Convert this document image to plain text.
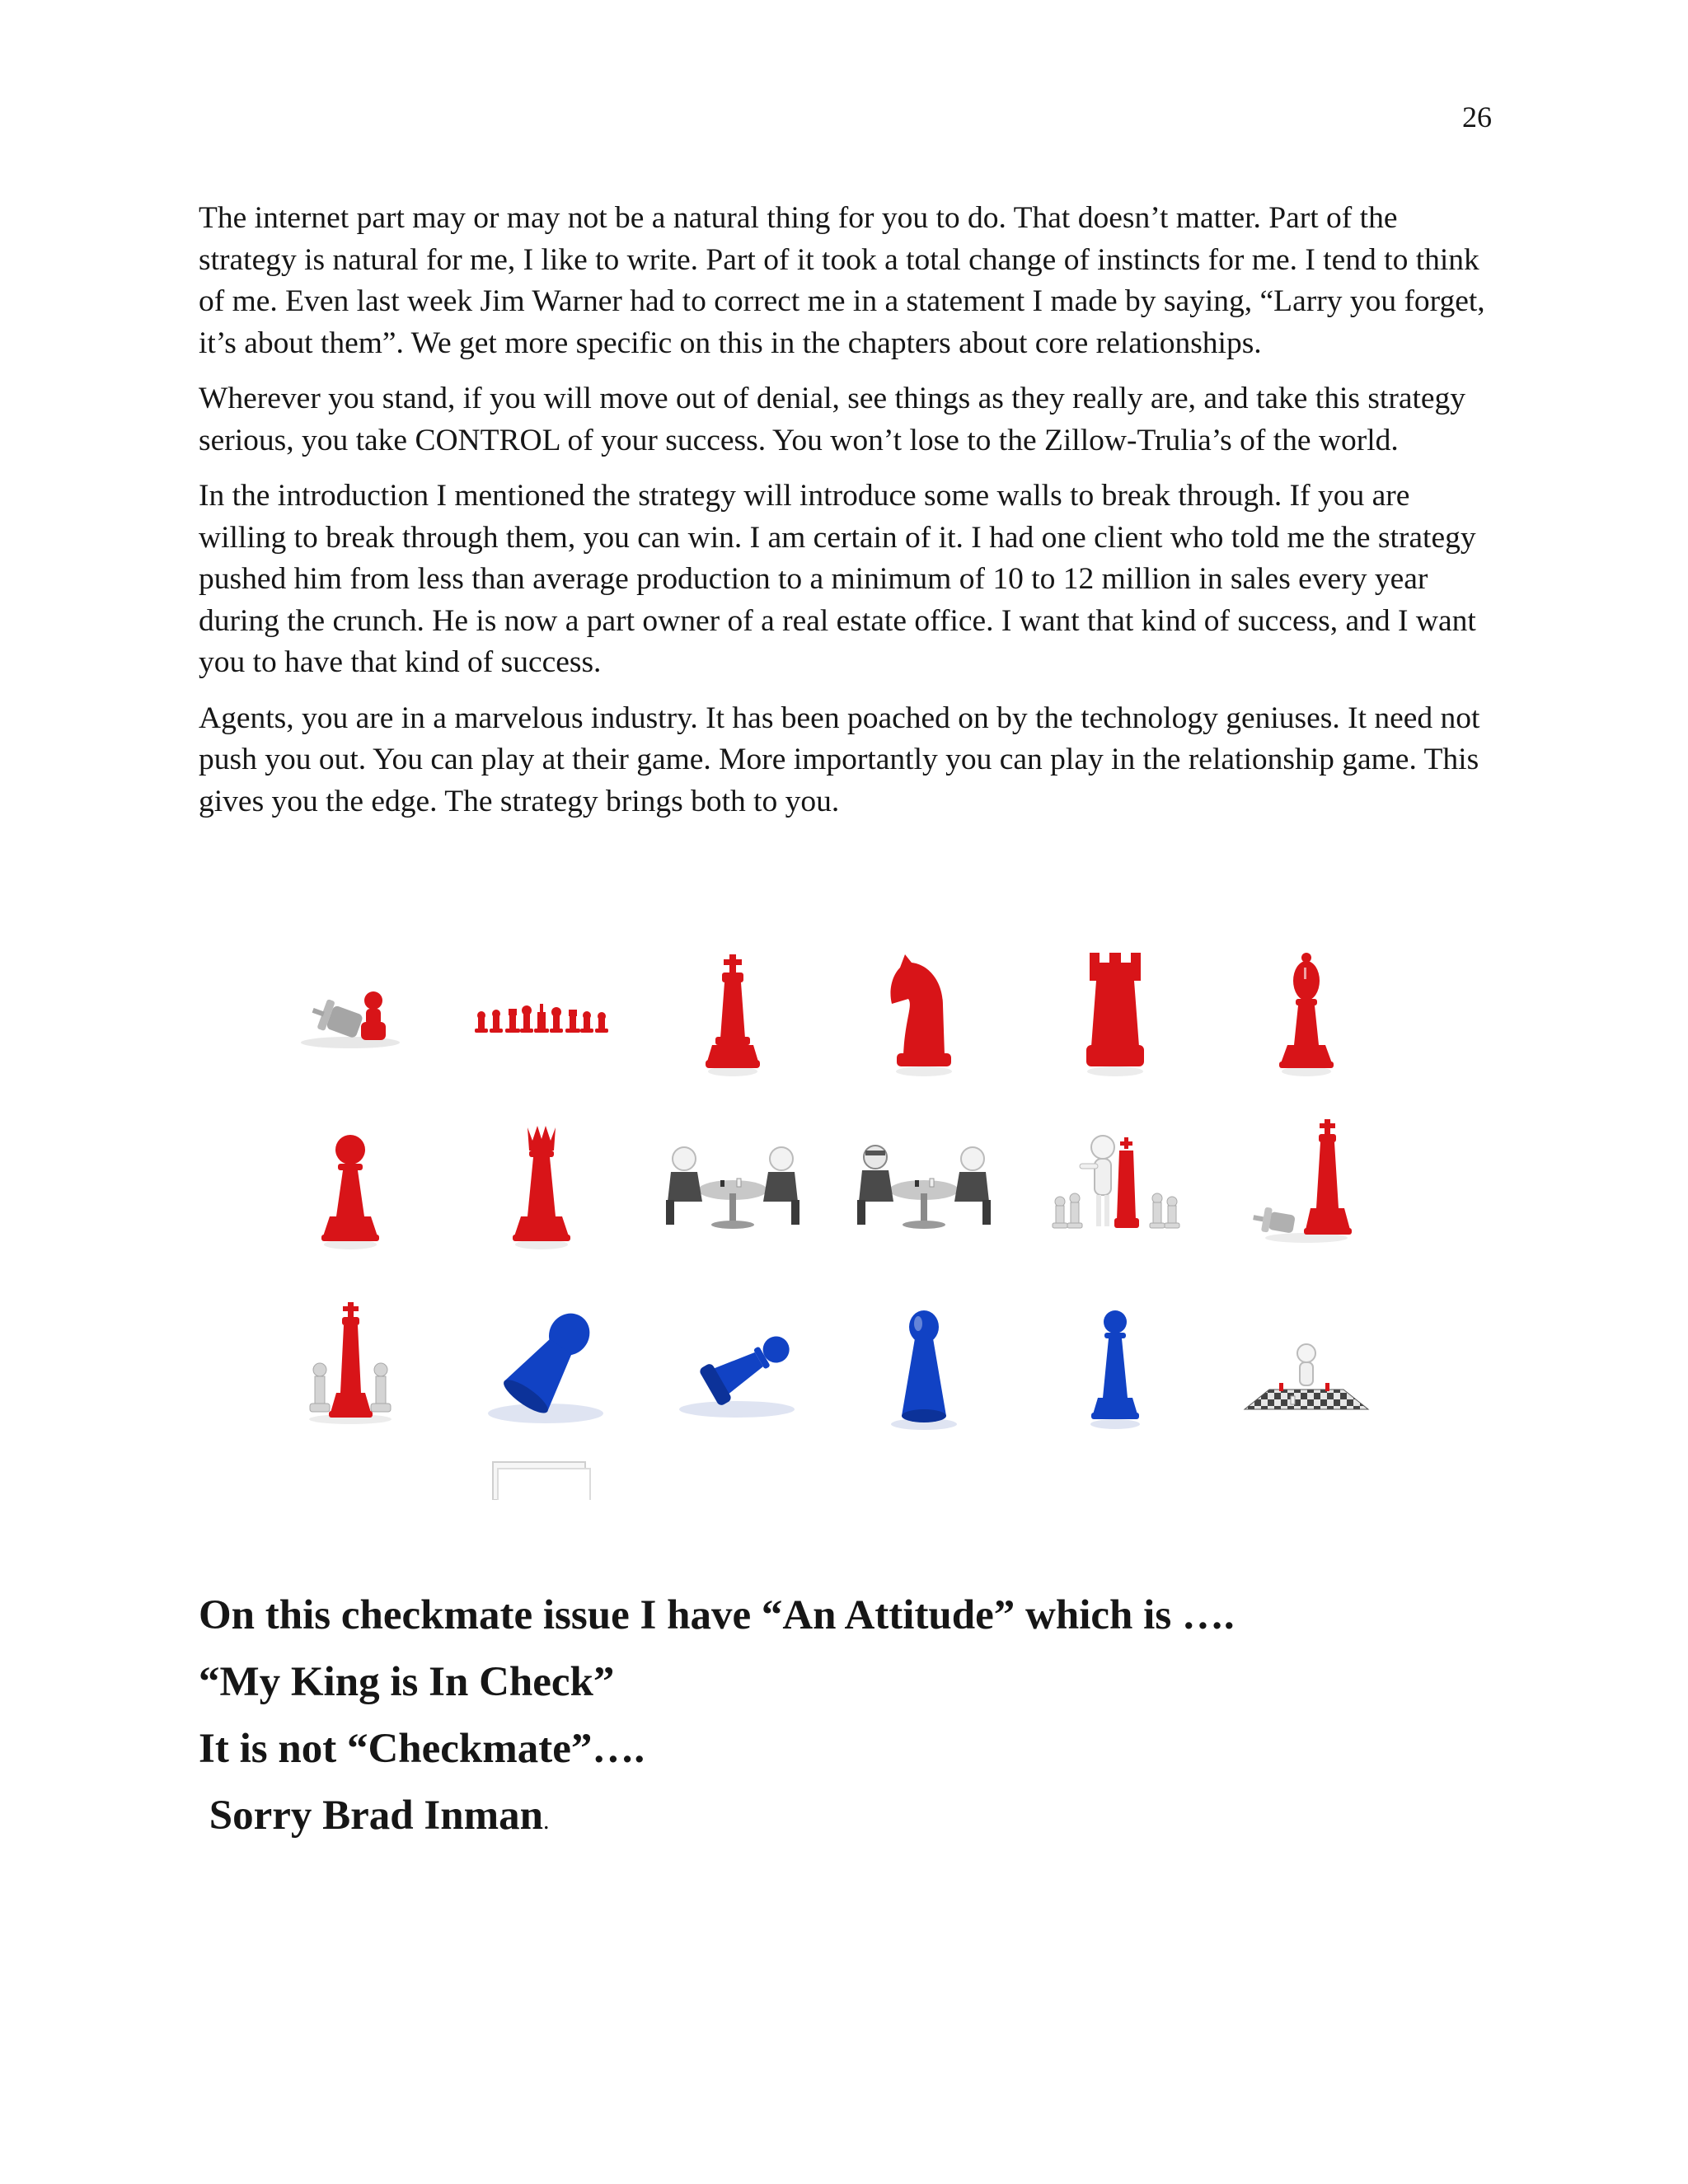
26

The internet part may or may not be a natural thing for you to do. That doesn’t matter. Part of the strategy is natural for me, I like to write. Part of it took a total change of instincts for me. I tend to think of me. Even last week Jim Warner had to correct me in a statement I made by saying, “Larry you forget, it’s about them”. We get more specific on this in the chapters about core relationships.

Wherever you stand, if you will move out of denial, see things as they really are, and take this strategy serious, you take CONTROL of your success. You won’t lose to the Zillow-Trulia’s of the world.

In the introduction I mentioned the strategy will introduce some walls to break through. If you are willing to break through them, you can win. I am certain of it. I had one client who told me the strategy pushed him from less than average production to a minimum of 10 to 12 million in sales every year during the crunch. He is now a part owner of a real estate office. I want that kind of success, and I want you to have that kind of success.

Agents, you are in a marvelous industry. It has been poached on by the technology geniuses. It need not push you out. You can play at their game. More importantly you can play in the relationship game. This gives you the edge. The strategy brings both to you.

On this checkmate issue I have “An Attitude” which is ….
“My King is In Check”
It is not “Checkmate”….
Sorry Brad Inman.
